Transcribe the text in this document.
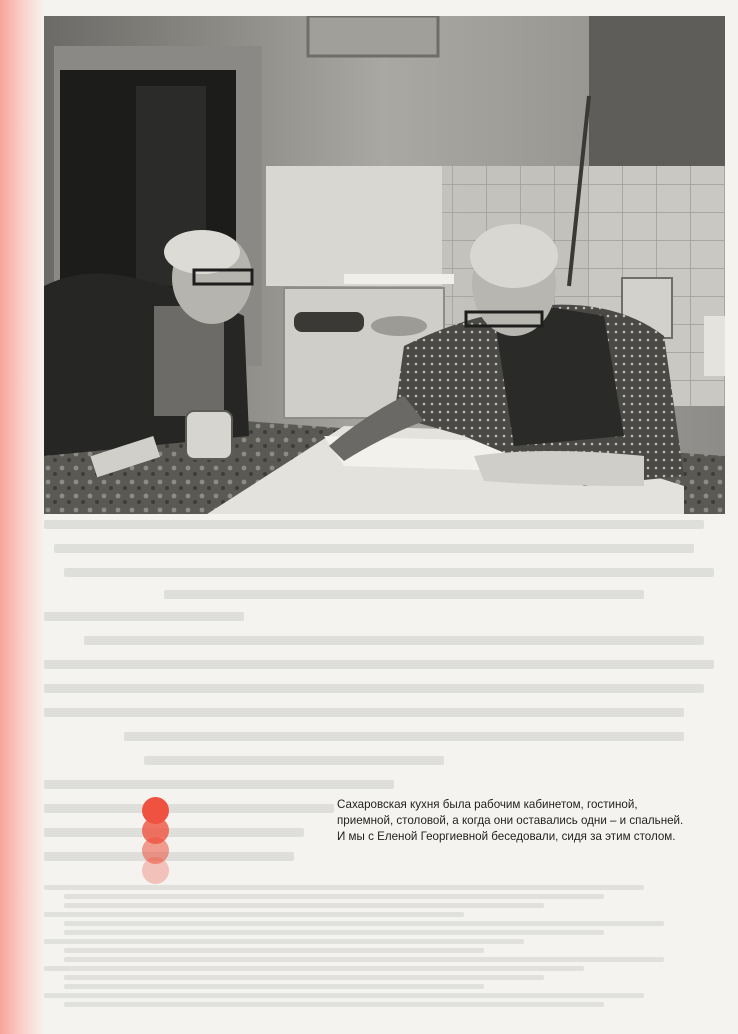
Сахаровская кухня была рабочим кабинетом, гостиной,

приемной, столовой, а когда они оставались одни – и спальней.

И мы с Еленой Георгиевной беседовали, сидя за этим столом.
